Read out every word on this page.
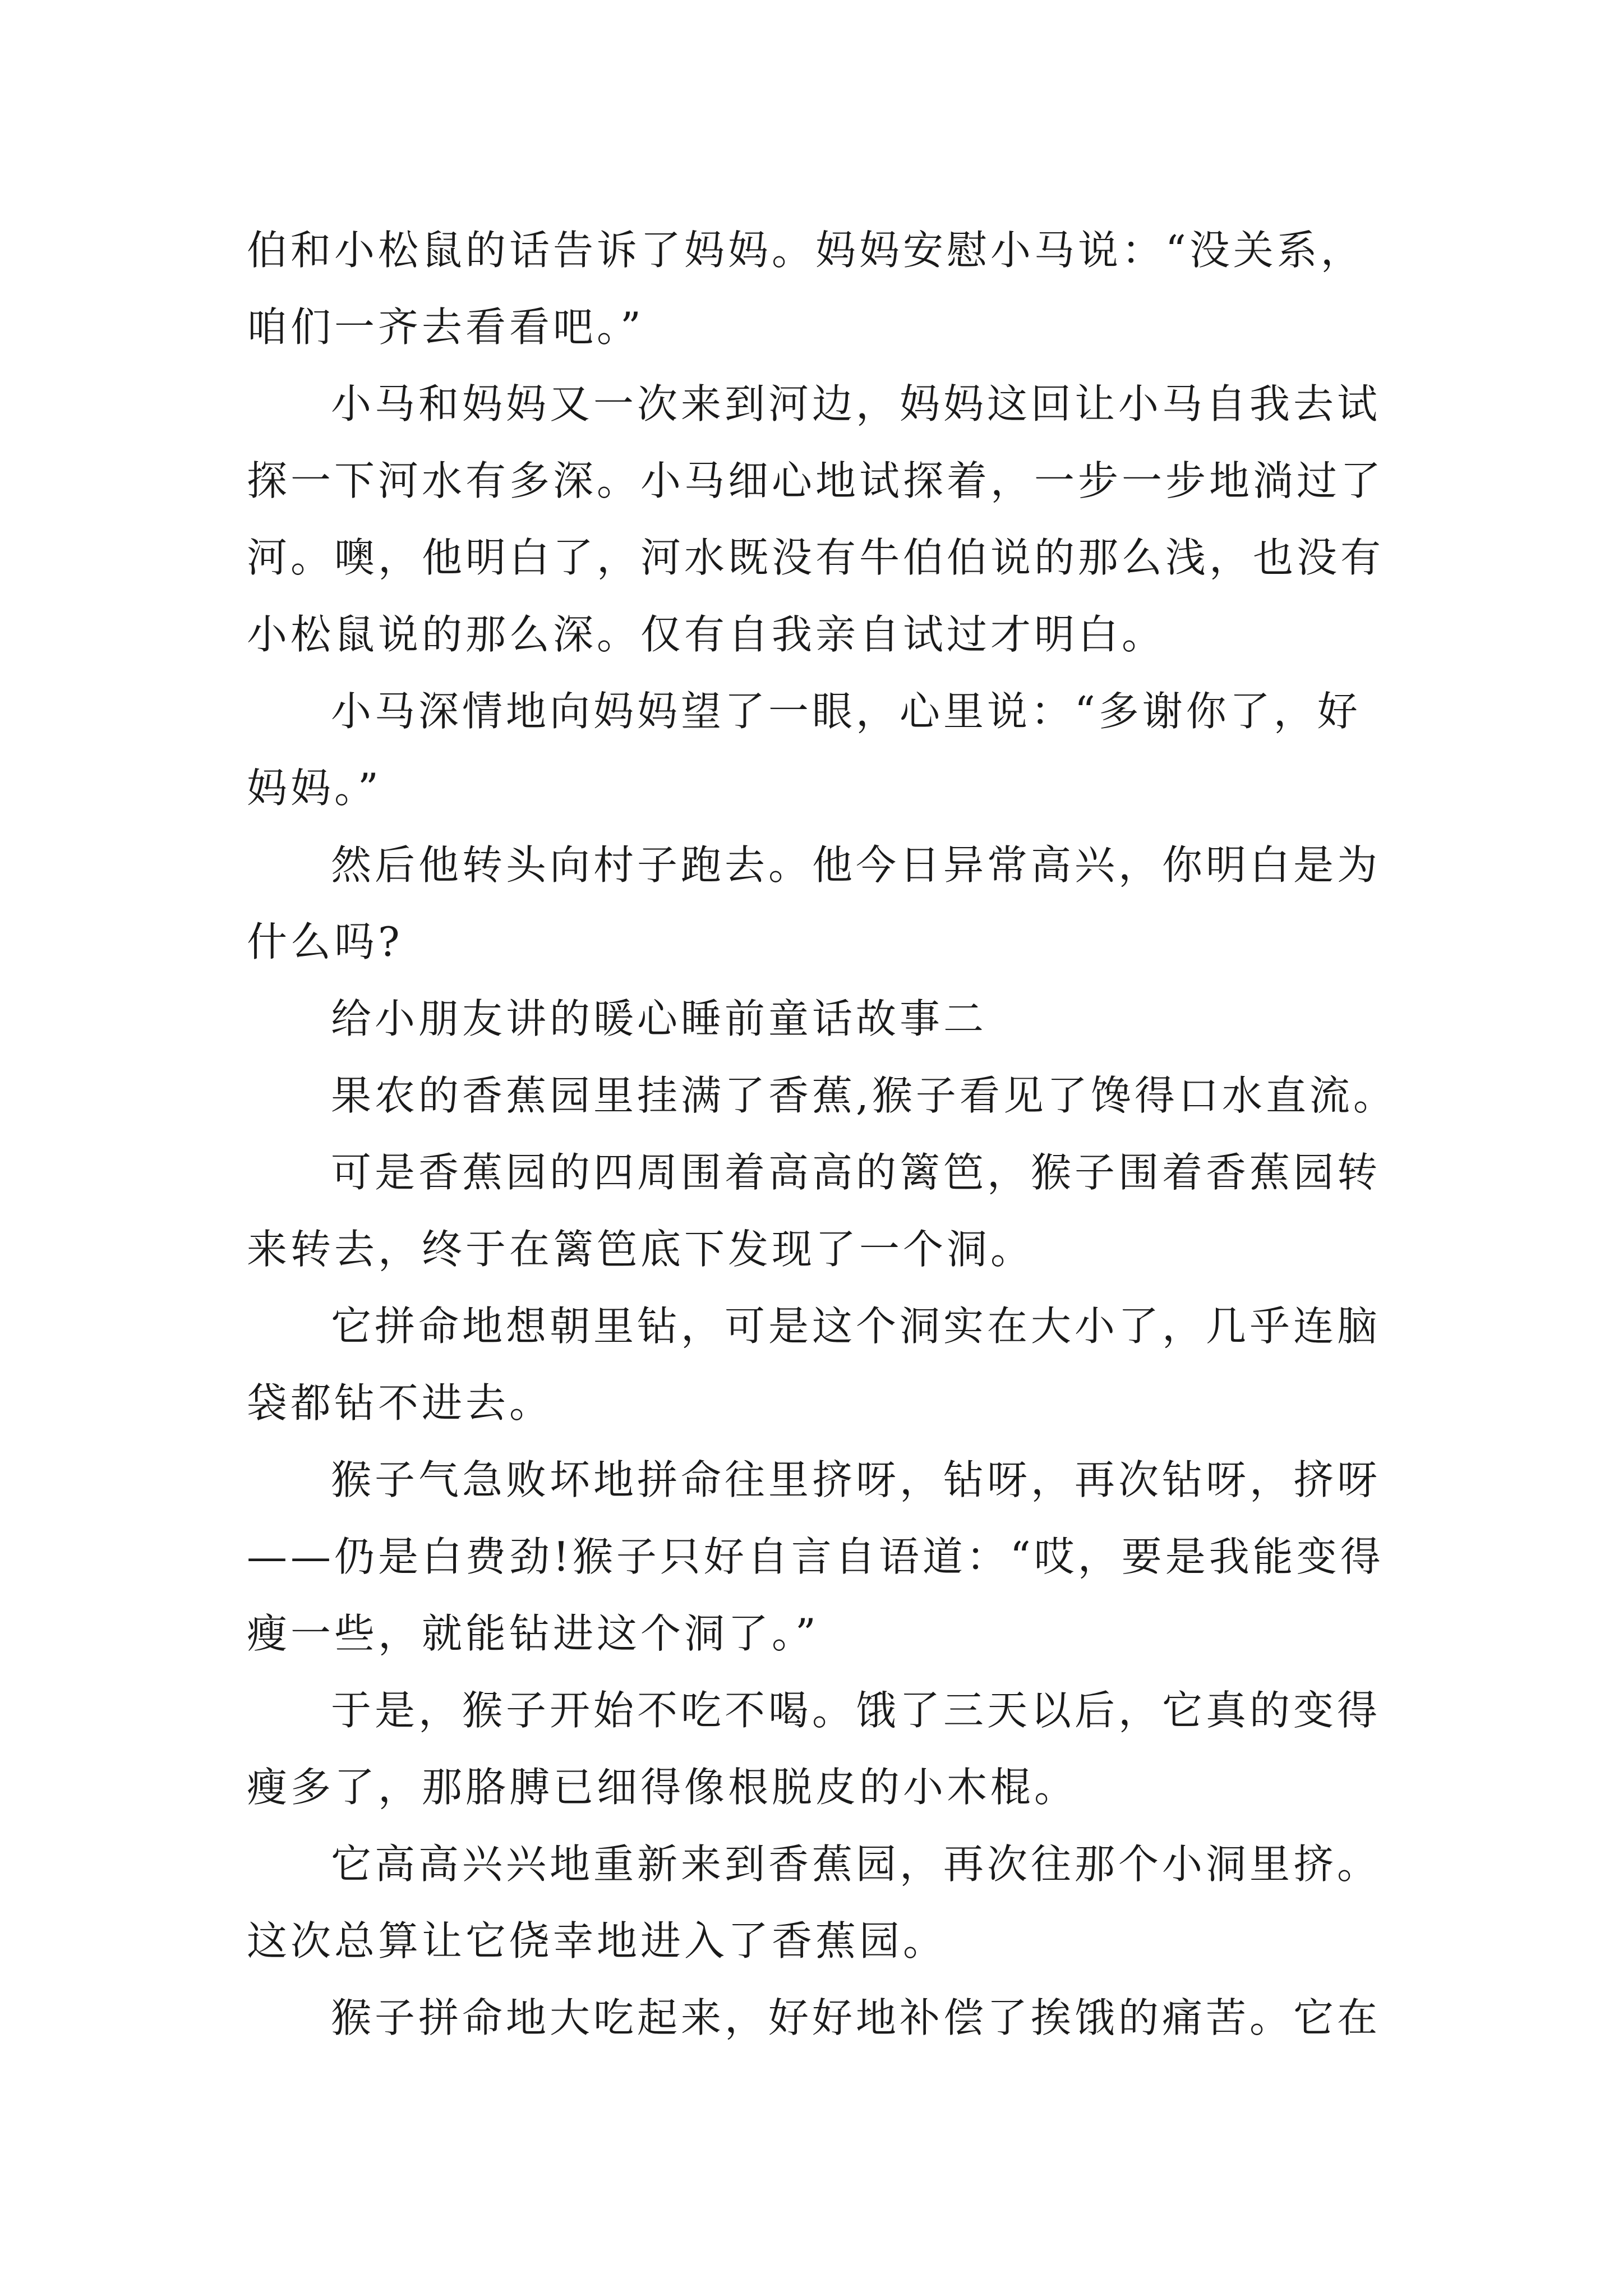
伯和小松鼠的话告诉了妈妈。妈妈安慰小马说：“没关系，
咱们一齐去看看吧。”
小马和妈妈又一次来到河边，妈妈这回让小马自我去试
探一下河水有多深。小马细心地试探着，一步一步地淌过了
河。噢，他明白了，河水既没有牛伯伯说的那么浅，也没有
小松鼠说的那么深。仅有自我亲自试过才明白。
小马深情地向妈妈望了一眼，心里说：“多谢你了，好
妈妈。”
然后他转头向村子跑去。他今日异常高兴，你明白是为
什么吗?
给小朋友讲的暖心睡前童话故事二
果农的香蕉园里挂满了香蕉,猴子看见了馋得口水直流。
可是香蕉园的四周围着高高的篱笆，猴子围着香蕉园转
来转去，终于在篱笆底下发现了一个洞。
它拼命地想朝里钻，可是这个洞实在大小了，几乎连脑
袋都钻不进去。
猴子气急败坏地拼命往里挤呀，钻呀，再次钻呀，挤呀
——仍是白费劲!猴子只好自言自语道：“哎，要是我能变得
瘦一些，就能钻进这个洞了。”
于是，猴子开始不吃不喝。饿了三天以后，它真的变得
瘦多了，那胳膊已细得像根脱皮的小木棍。
它高高兴兴地重新来到香蕉园，再次往那个小洞里挤。
这次总算让它侥幸地进入了香蕉园。
猴子拼命地大吃起来，好好地补偿了挨饿的痛苦。它在
